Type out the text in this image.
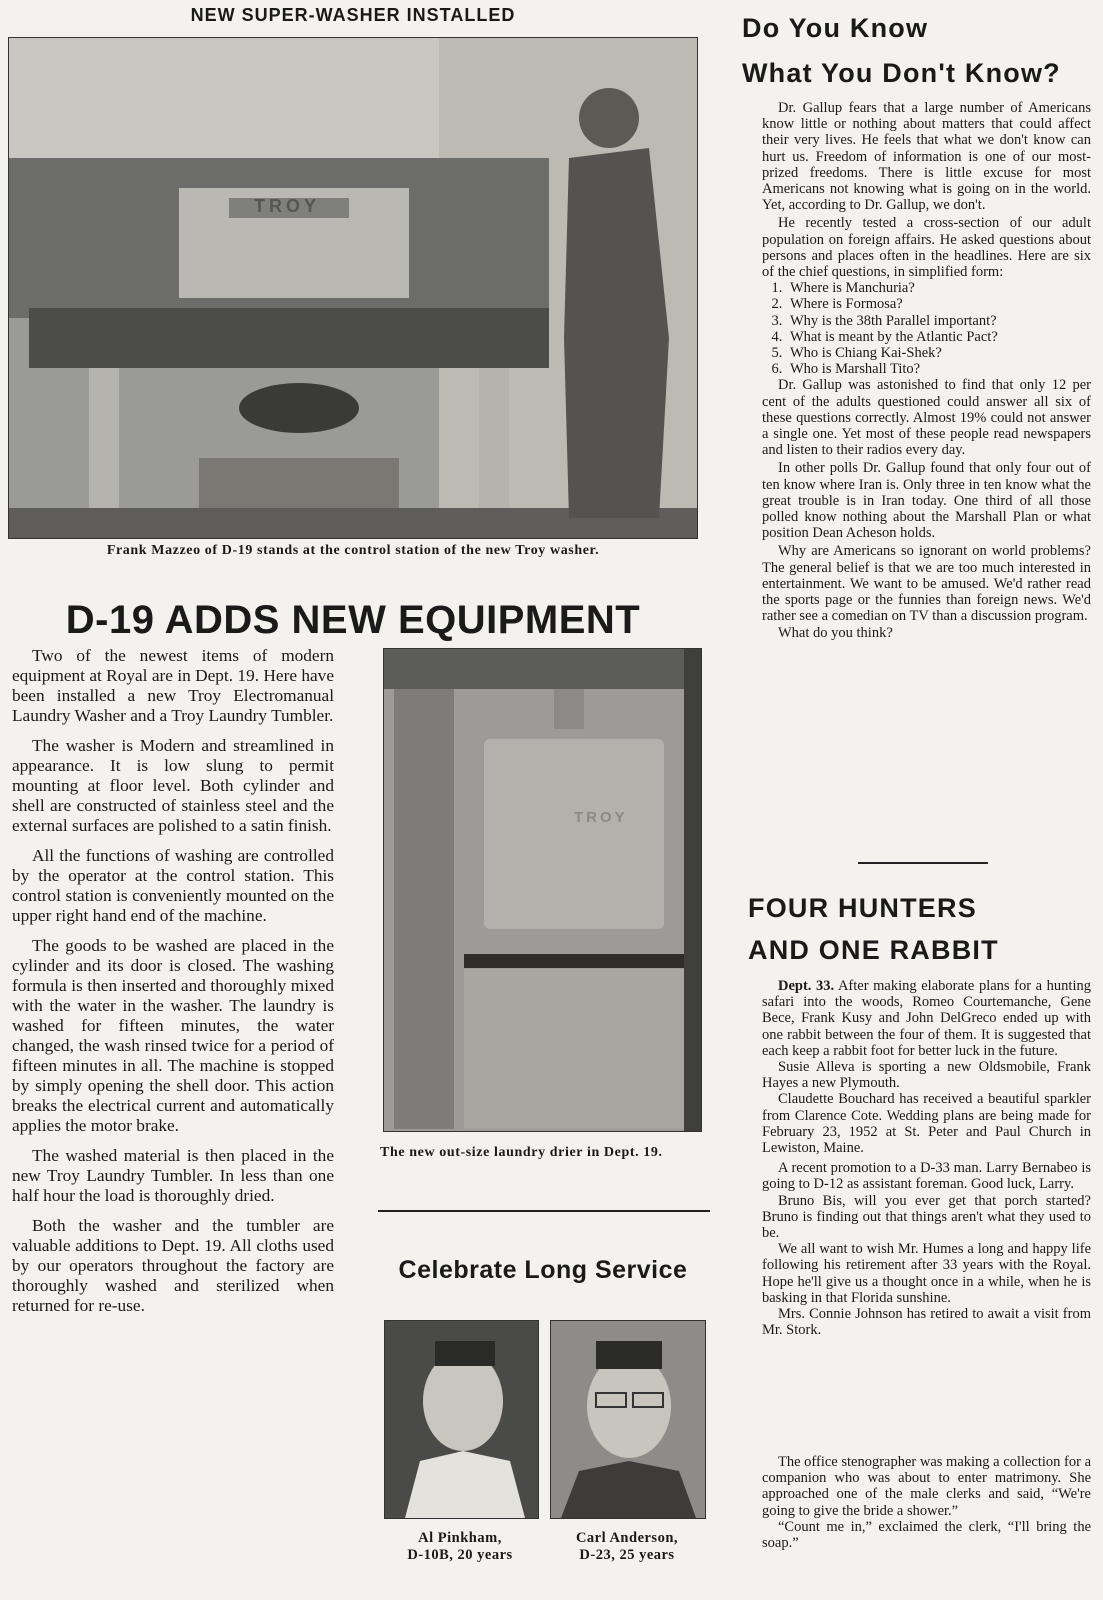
NEW SUPER-WASHER INSTALLED
TROY
Frank Mazzeo of D-19 stands at the control station of the new Troy washer.
D-19 ADDS NEW EQUIPMENT

Two of the newest items of modern equipment at Royal are in Dept. 19. Here have been installed a new Troy Electromanual Laundry Washer and a Troy Laundry Tumbler.

The washer is Modern and streamlined in appearance. It is low slung to permit mounting at floor level. Both cylinder and shell are constructed of stainless steel and the external surfaces are polished to a satin finish.

All the functions of washing are controlled by the operator at the control station. This control station is conveniently mounted on the upper right hand end of the machine.

The goods to be washed are placed in the cylinder and its door is closed. The washing formula is then inserted and thoroughly mixed with the water in the washer. The laundry is washed for fifteen minutes, the water changed, the wash rinsed twice for a period of fifteen minutes in all. The machine is stopped by simply opening the shell door. This action breaks the electrical current and automatically applies the motor brake.

The washed material is then placed in the new Troy Laundry Tumbler. In less than one half hour the load is thoroughly dried.

Both the washer and the tumbler are valuable additions to Dept. 19. All cloths used by our operators throughout the factory are thoroughly washed and sterilized when returned for re-use.

TROY
The new out-size laundry drier in Dept. 19.
Celebrate Long Service
Al Pinkham,
D-10B, 20 years
Carl Anderson,
D-23, 25 years
Do You Know
What You Don't Know?

Dr. Gallup fears that a large number of Americans know little or nothing about matters that could affect their very lives. He feels that what we don't know can hurt us. Freedom of information is one of our most-prized freedoms. There is little excuse for most Americans not knowing what is going on in the world. Yet, according to Dr. Gallup, we don't.

He recently tested a cross-section of our adult population on foreign affairs. He asked questions about persons and places often in the headlines. Here are six of the chief questions, in simplified form:

1. Where is Manchuria?
2. Where is Formosa?
3. Why is the 38th Parallel important?
4. What is meant by the Atlantic Pact?
5. Who is Chiang Kai-Shek?
6. Who is Marshall Tito?

Dr. Gallup was astonished to find that only 12 per cent of the adults questioned could answer all six of these questions correctly. Almost 19% could not answer a single one. Yet most of these people read newspapers and listen to their radios every day.

In other polls Dr. Gallup found that only four out of ten know where Iran is. Only three in ten know what the great trouble is in Iran today. One third of all those polled know nothing about the Marshall Plan or what position Dean Acheson holds.

Why are Americans so ignorant on world problems? The general belief is that we are too much interested in entertainment. We want to be amused. We'd rather read the sports page or the funnies than foreign news. We'd rather see a comedian on TV than a discussion program.

What do you think?

FOUR HUNTERS
AND ONE RABBIT

Dept. 33. After making elaborate plans for a hunting safari into the woods, Romeo Courtemanche, Gene Bece, Frank Kusy and John DelGreco ended up with one rabbit between the four of them. It is suggested that each keep a rabbit foot for better luck in the future.

Susie Alleva is sporting a new Oldsmobile, Frank Hayes a new Plymouth.

Claudette Bouchard has received a beautiful sparkler from Clarence Cote. Wedding plans are being made for February 23, 1952 at St. Peter and Paul Church in Lewiston, Maine.

A recent promotion to a D-33 man. Larry Bernabeo is going to D-12 as assistant foreman. Good luck, Larry.

Bruno Bis, will you ever get that porch started? Bruno is finding out that things aren't what they used to be.

We all want to wish Mr. Humes a long and happy life following his retirement after 33 years with the Royal. Hope he'll give us a thought once in a while, when he is basking in that Florida sunshine.

Mrs. Connie Johnson has retired to await a visit from Mr. Stork.

The office stenographer was making a collection for a companion who was about to enter matrimony. She approached one of the male clerks and said, “We're going to give the bride a shower.”

“Count me in,” exclaimed the clerk, “I'll bring the soap.”
